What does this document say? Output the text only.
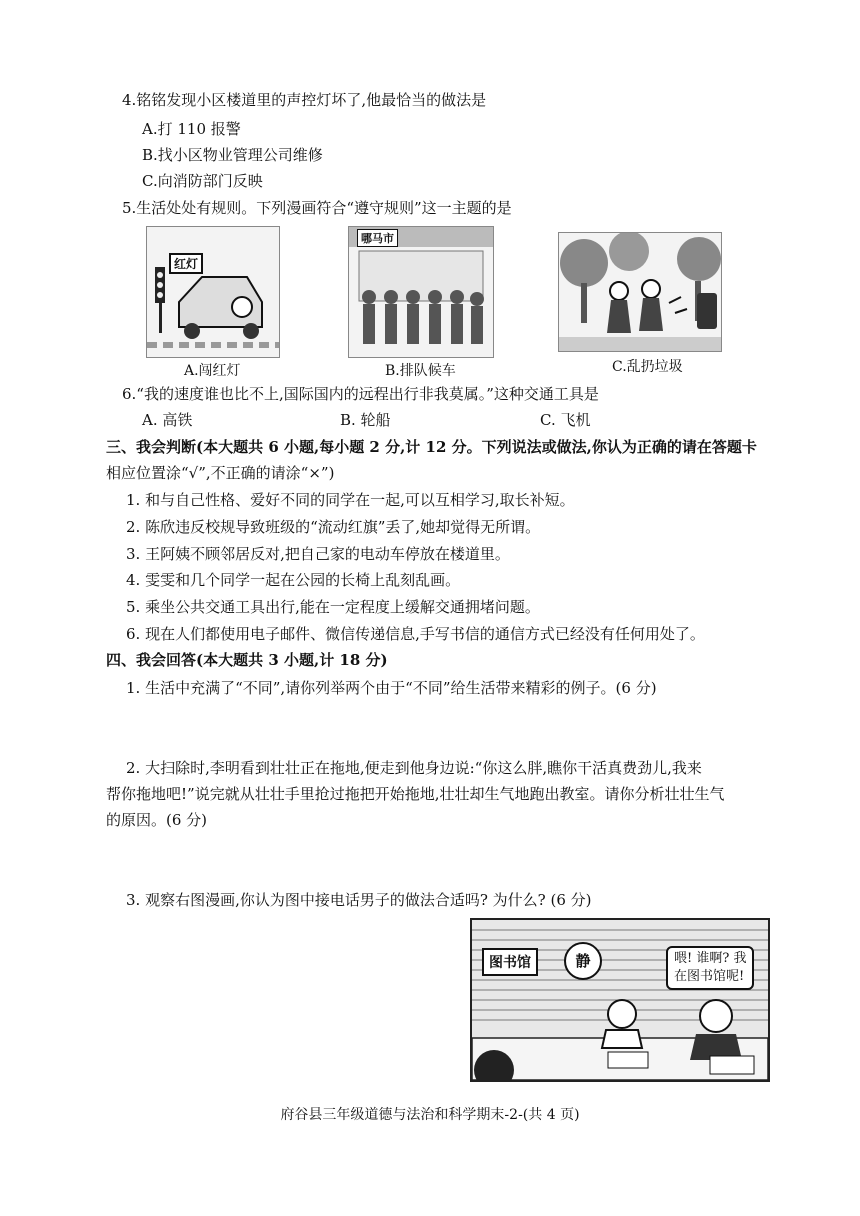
4.铭铭发现小区楼道里的声控灯坏了,他最恰当的做法是
A.打 110 报警
B.找小区物业管理公司维修
C.向消防部门反映
5.生活处处有规则。下列漫画符合“遵守规则”这一主题的是
红灯
A.闯红灯
哪马市
B.排队候车	C.乱扔垃圾
6.“我的速度谁也比不上,国际国内的远程出行非我莫属。”这种交通工具是
A. 高铁	B. 轮船	C. 飞机
三、我会判断(本大题共 6 小题,每小题 2 分,计 12 分。下列说法或做法,你认为正确的请在答题卡
相应位置涂“√”,不正确的请涂“×”)
1. 和与自己性格、爱好不同的同学在一起,可以互相学习,取长补短。
2. 陈欣违反校规导致班级的“流动红旗”丢了,她却觉得无所谓。
3. 王阿姨不顾邻居反对,把自己家的电动车停放在楼道里。
4. 雯雯和几个同学一起在公园的长椅上乱刻乱画。
5. 乘坐公共交通工具出行,能在一定程度上缓解交通拥堵问题。
6. 现在人们都使用电子邮件、微信传递信息,手写书信的通信方式已经没有任何用处了。
四、我会回答(本大题共 3 小题,计 18 分)
1. 生活中充满了“不同”,请你列举两个由于“不同”给生活带来精彩的例子。(6 分)
2. 大扫除时,李明看到壮壮正在拖地,便走到他身边说:“你这么胖,瞧你干活真费劲儿,我来
帮你拖地吧!”说完就从壮壮手里抢过拖把开始拖地,壮壮却生气地跑出教室。请你分析壮壮生气
的原因。(6 分)
3. 观察右图漫画,你认为图中接电话男子的做法合适吗? 为什么? (6 分)
图书馆	静	喂! 谁啊? 我
在图书馆呢!
府谷县三年级道德与法治和科学期末-2-(共 4 页)
